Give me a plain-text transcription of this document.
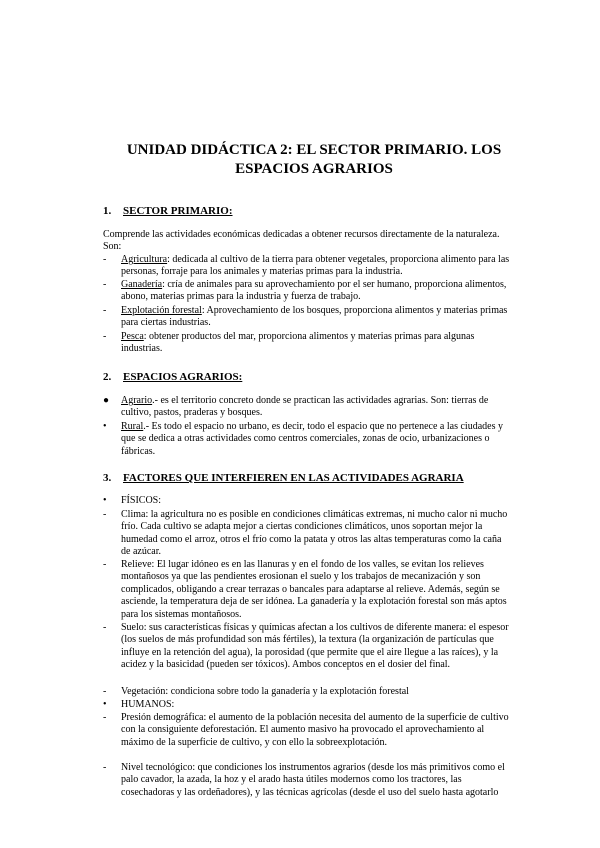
UNIDAD DIDÁCTICA 2: EL SECTOR PRIMARIO. LOS ESPACIOS AGRARIOS
1. SECTOR PRIMARIO:
Comprende las actividades económicas dedicadas a obtener recursos directamente de la naturaleza. Son:
- Agricultura: dedicada al cultivo de la tierra para obtener vegetales, proporciona alimento para las personas, forraje para los animales y materias primas para la industria.
- Ganadería: cría de animales para su aprovechamiento por el ser humano, proporciona alimentos, abono, materias primas para la industria y fuerza de trabajo.
- Explotación forestal: Aprovechamiento de los bosques, proporciona alimentos y materias primas para ciertas industrias.
- Pesca: obtener productos del mar, proporciona alimentos y materias primas para algunas industrias.
2. ESPACIOS AGRARIOS:
● Agrario.- es el territorio concreto donde se practican las actividades agrarias. Son: tierras de cultivo, pastos, praderas y bosques.
• Rural.- Es todo el espacio no urbano, es decir, todo el espacio que no pertenece a las ciudades y que se dedica a otras actividades como centros comerciales, zonas de ocio, urbanizaciones o fábricas.
3. FACTORES QUE INTERFIEREN EN LAS ACTIVIDADES AGRARIA
• FÍSICOS:
- Clima: la agricultura no es posible en condiciones climáticas extremas, ni mucho calor ni mucho frío. Cada cultivo se adapta mejor a ciertas condiciones climáticos, unos soportan mejor la humedad como el arroz, otros el frío como la patata y otros las altas temperaturas como la caña de azúcar.
- Relieve: El lugar idóneo es en las llanuras y en el fondo de los valles, se evitan los relieves montañosos ya que las pendientes erosionan el suelo y los trabajos de mecanización y son complicados, obligando a crear terrazas o bancales para adaptarse al relieve. Además, según se asciende, la temperatura deja de ser idónea. La ganadería y la explotación forestal son más aptos para los sistemas montañosos.
- Suelo: sus características físicas y químicas afectan a los cultivos de diferente manera: el espesor (los suelos de más profundidad son más fértiles), la textura (la organización de partículas que influye en la retención del agua), la porosidad (que permite que el aire llegue a las raíces), y la acidez y la basicidad (pueden ser tóxicos). Ambos conceptos en el dosier del final.
- Vegetación: condiciona sobre todo la ganadería y la explotación forestal
• HUMANOS:
- Presión demográfica: el aumento de la población necesita del aumento de la superficie de cultivo con la consiguiente deforestación. El aumento masivo ha provocado el aprovechamiento al máximo de la superficie de cultivo, y con ello la sobreexplotación.
- Nivel tecnológico: que condiciones los instrumentos agrarios (desde los más primitivos como el palo cavador, la azada, la hoz y el arado hasta útiles modernos como los tractores, las cosechadoras y las ordeñadores), y las técnicas agrícolas (desde el uso del suelo hasta agotarlo
